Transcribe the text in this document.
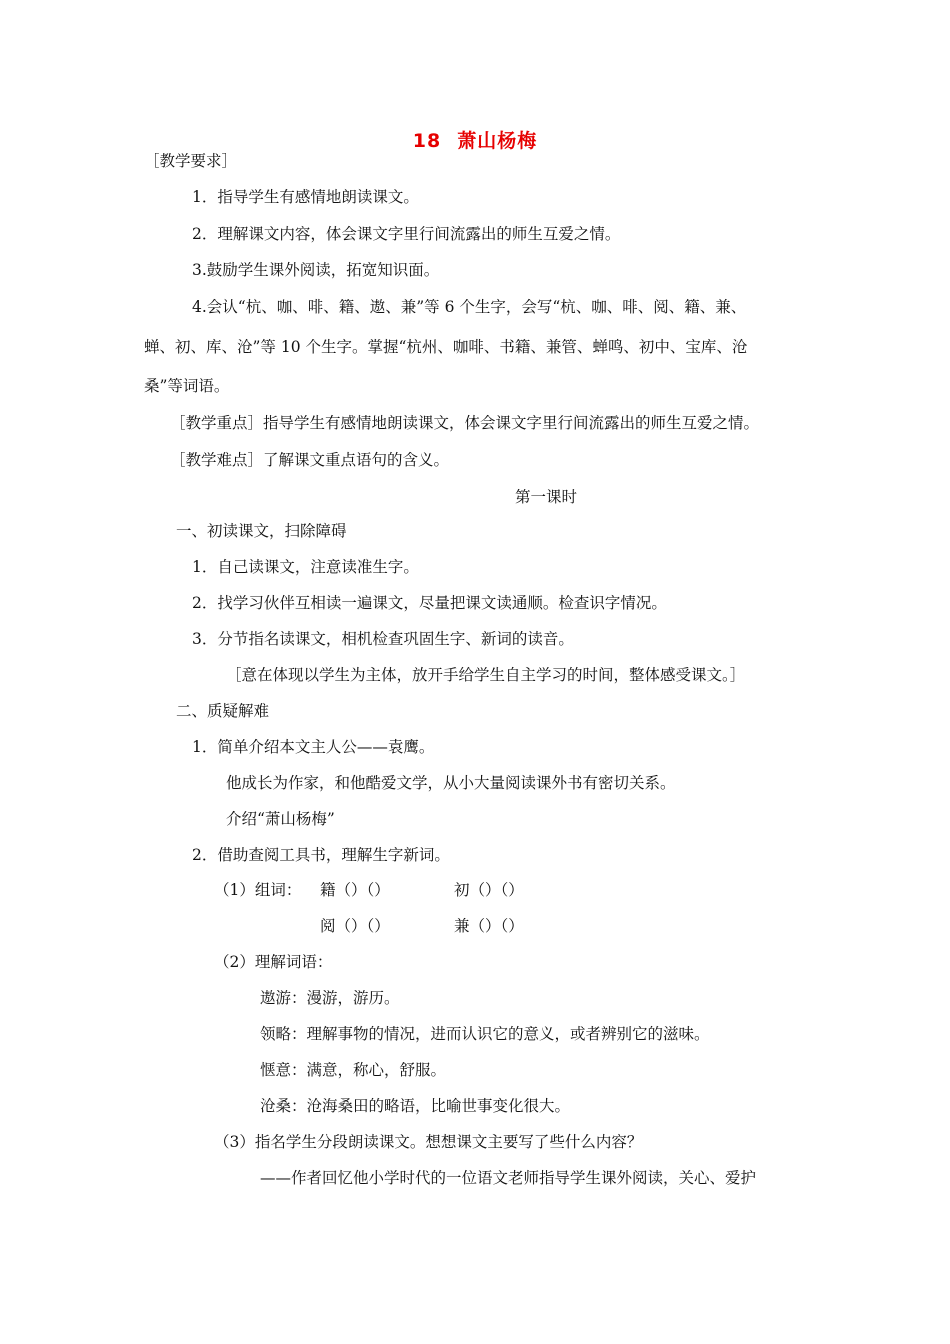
18 萧山杨梅
［教学要求］
1．指导学生有感情地朗读课文。
2．理解课文内容，体会课文字里行间流露出的师生互爱之情。
3.鼓励学生课外阅读，拓宽知识面。
4.会认“杭、咖、啡、籍、遨、兼”等 6 个生字，会写“杭、咖、啡、阅、籍、兼、
蝉、初、库、沧”等 10 个生字。掌握“杭州、咖啡、书籍、兼管、蝉鸣、初中、宝库、沧
桑”等词语。
［教学重点］指导学生有感情地朗读课文，体会课文字里行间流露出的师生互爱之情。
［教学难点］了解课文重点语句的含义。
第一课时
一、初读课文，扫除障碍
1．自己读课文，注意读准生字。
2．找学习伙伴互相读一遍课文，尽量把课文读通顺。检查识字情况。
3．分节指名读课文，相机检查巩固生字、新词的读音。
［意在体现以学生为主体，放开手给学生自主学习的时间，整体感受课文。］
二、质疑解难
1．简单介绍本文主人公——袁鹰。
他成长为作家，和他酷爱文学，从小大量阅读课外书有密切关系。
介绍“萧山杨梅”
2．借助查阅工具书，理解生字新词。
（1）组词： 籍（）（）	初（）（）
阅（）（）	兼（）（）
（2）理解词语：
遨游：漫游，游历。
领略：理解事物的情况，进而认识它的意义，或者辨别它的滋味。
惬意：满意，称心，舒服。
沧桑：沧海桑田的略语，比喻世事变化很大。
（3）指名学生分段朗读课文。想想课文主要写了些什么内容？
——作者回忆他小学时代的一位语文老师指导学生课外阅读，关心、爱护
